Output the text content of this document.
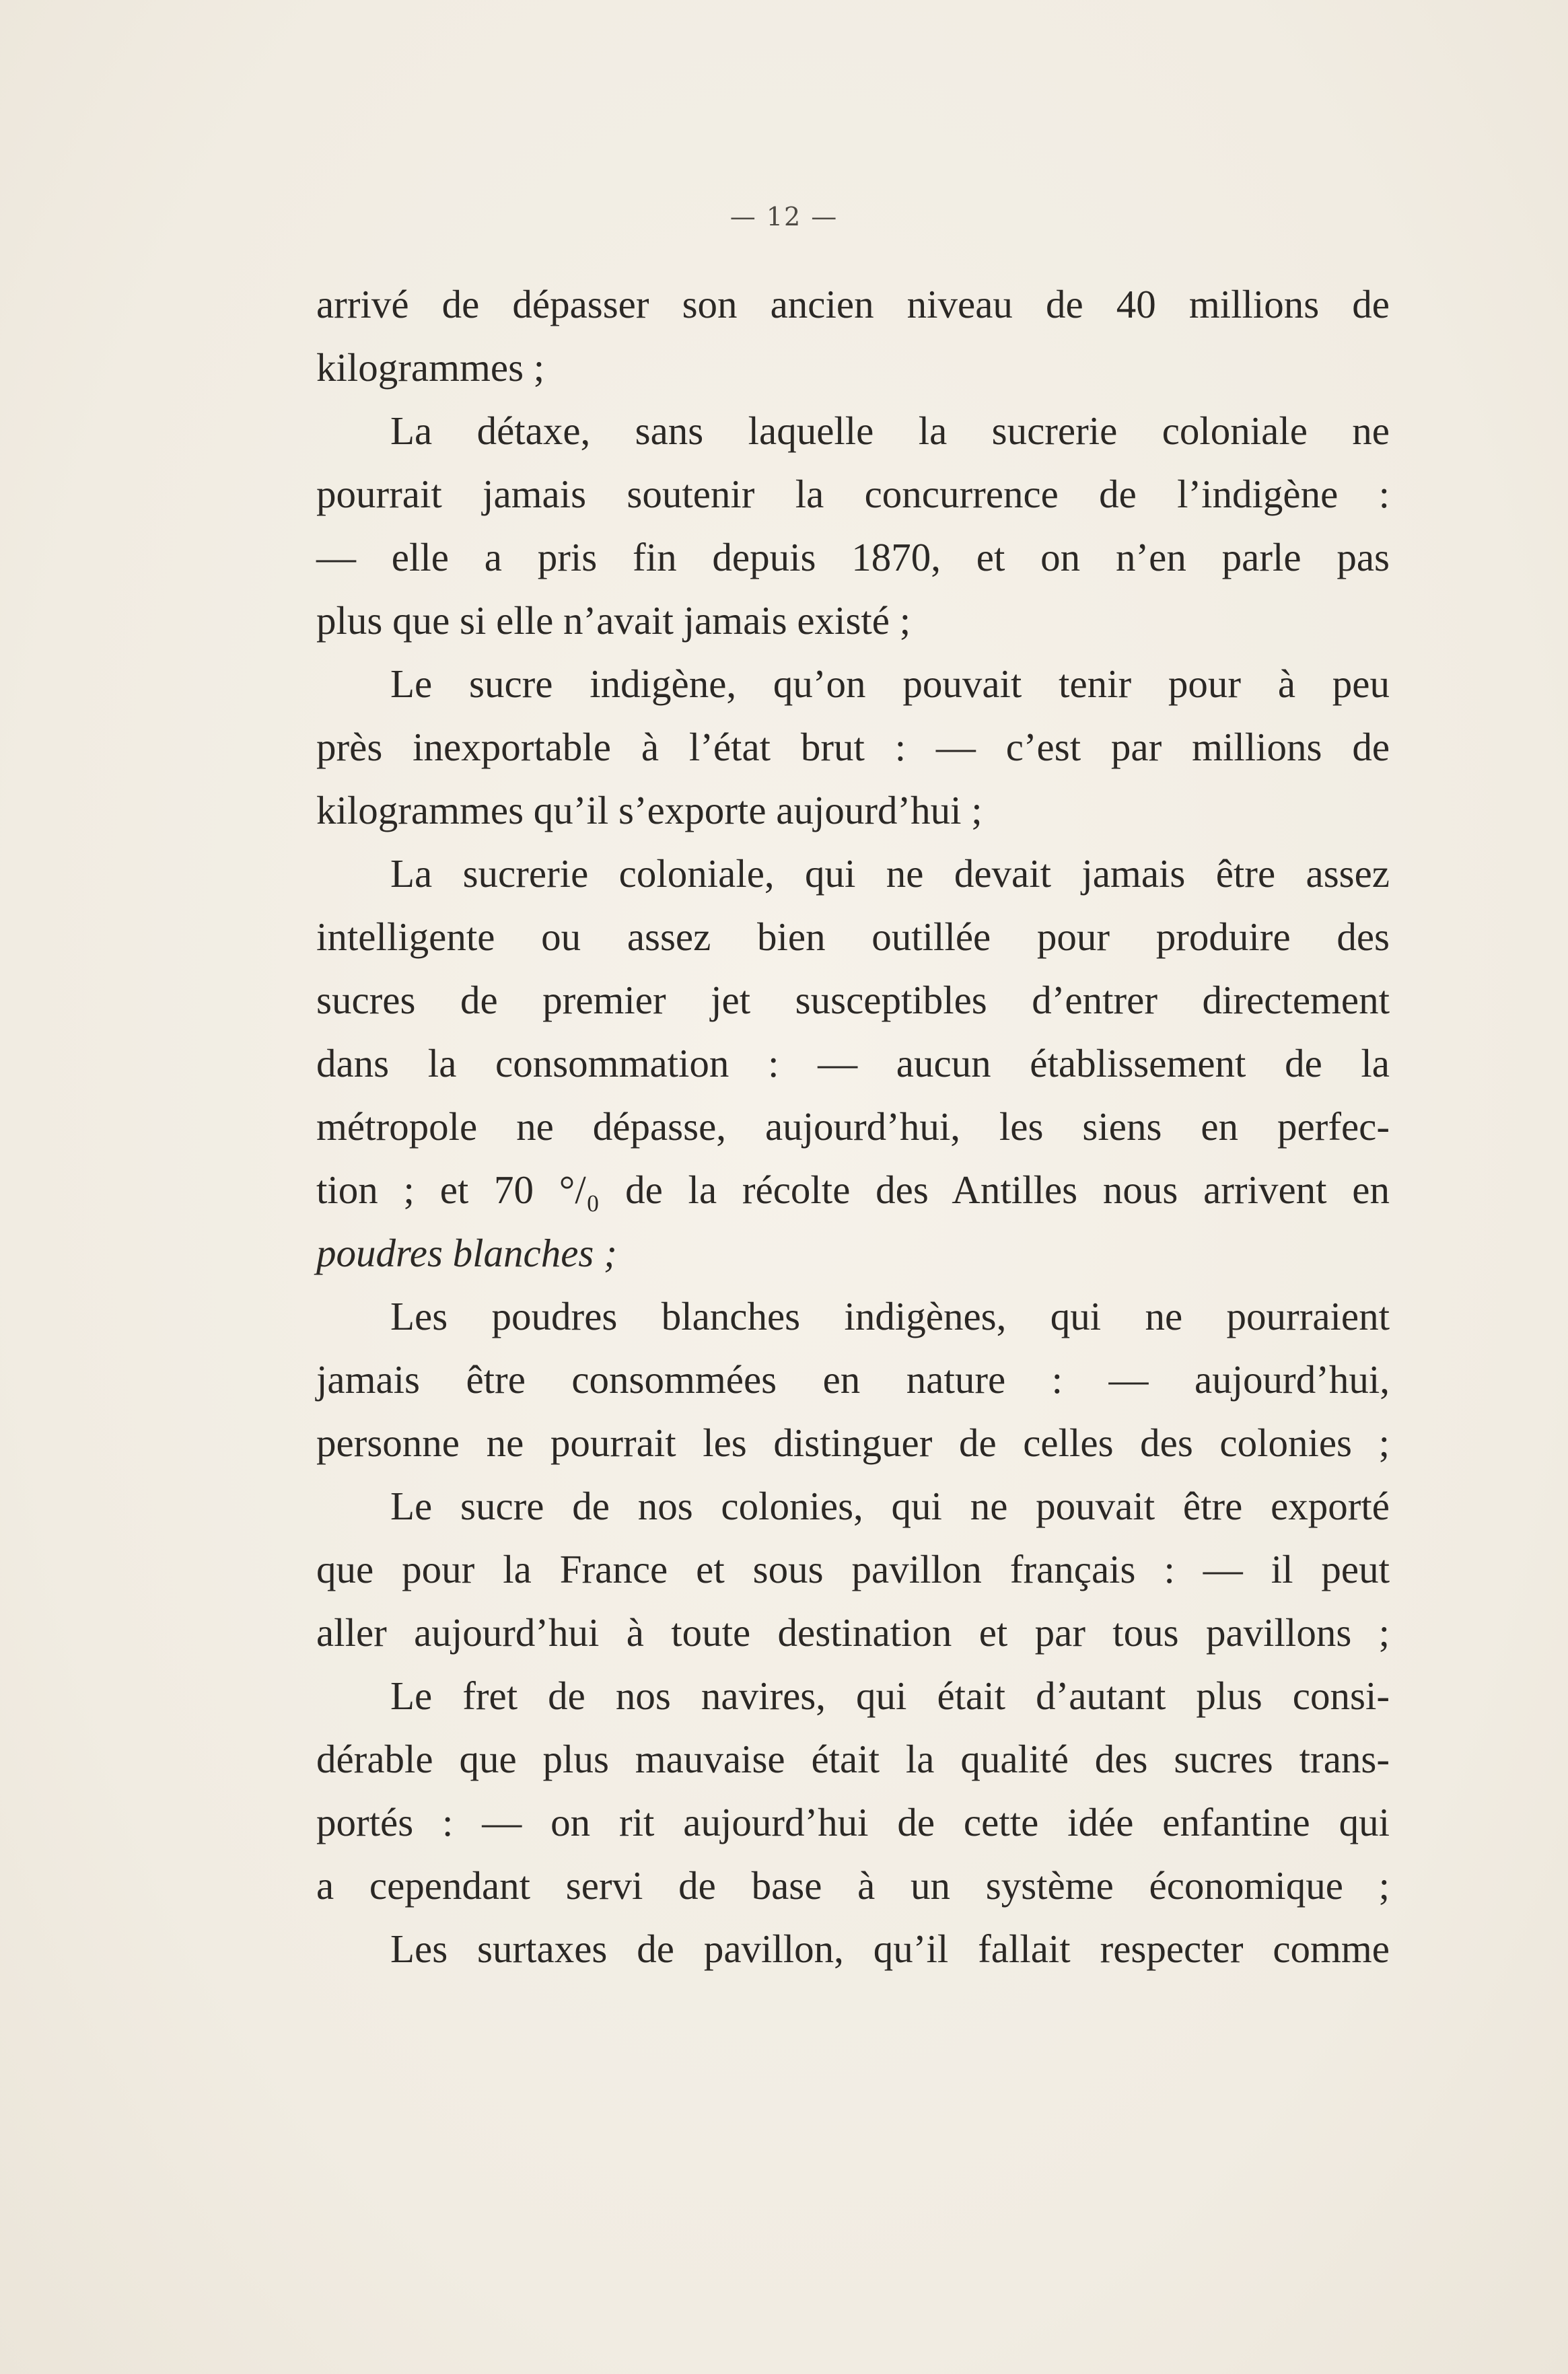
— 12 —
arrivé de dépasser son ancien niveau de 40 millions de
kilogrammes ;
La détaxe, sans laquelle la sucrerie coloniale ne
pourrait jamais soutenir la concurrence de l’indigène :
— elle a pris fin depuis 1870, et on n’en parle pas
plus que si elle n’avait jamais existé ;
Le sucre indigène, qu’on pouvait tenir pour à peu
près inexportable à l’état brut : — c’est par millions de
kilogrammes qu’il s’exporte aujourd’hui ;
La sucrerie coloniale, qui ne devait jamais être assez
intelligente ou assez bien outillée pour produire des
sucres de premier jet susceptibles d’entrer directement
dans la consommation : — aucun établissement de la
métropole ne dépasse, aujourd’hui, les siens en perfec-
tion ; et 70 °/₀ de la récolte des Antilles nous arrivent en
poudres blanches ;
Les poudres blanches indigènes, qui ne pourraient
jamais être consommées en nature : — aujourd’hui,
personne ne pourrait les distinguer de celles des colonies ;
Le sucre de nos colonies, qui ne pouvait être exporté
que pour la France et sous pavillon français : — il peut
aller aujourd’hui à toute destination et par tous pavillons ;
Le fret de nos navires, qui était d’autant plus consi-
dérable que plus mauvaise était la qualité des sucres trans-
portés : — on rit aujourd’hui de cette idée enfantine qui
a cependant servi de base à un système économique ;
Les surtaxes de pavillon, qu’il fallait respecter comme
